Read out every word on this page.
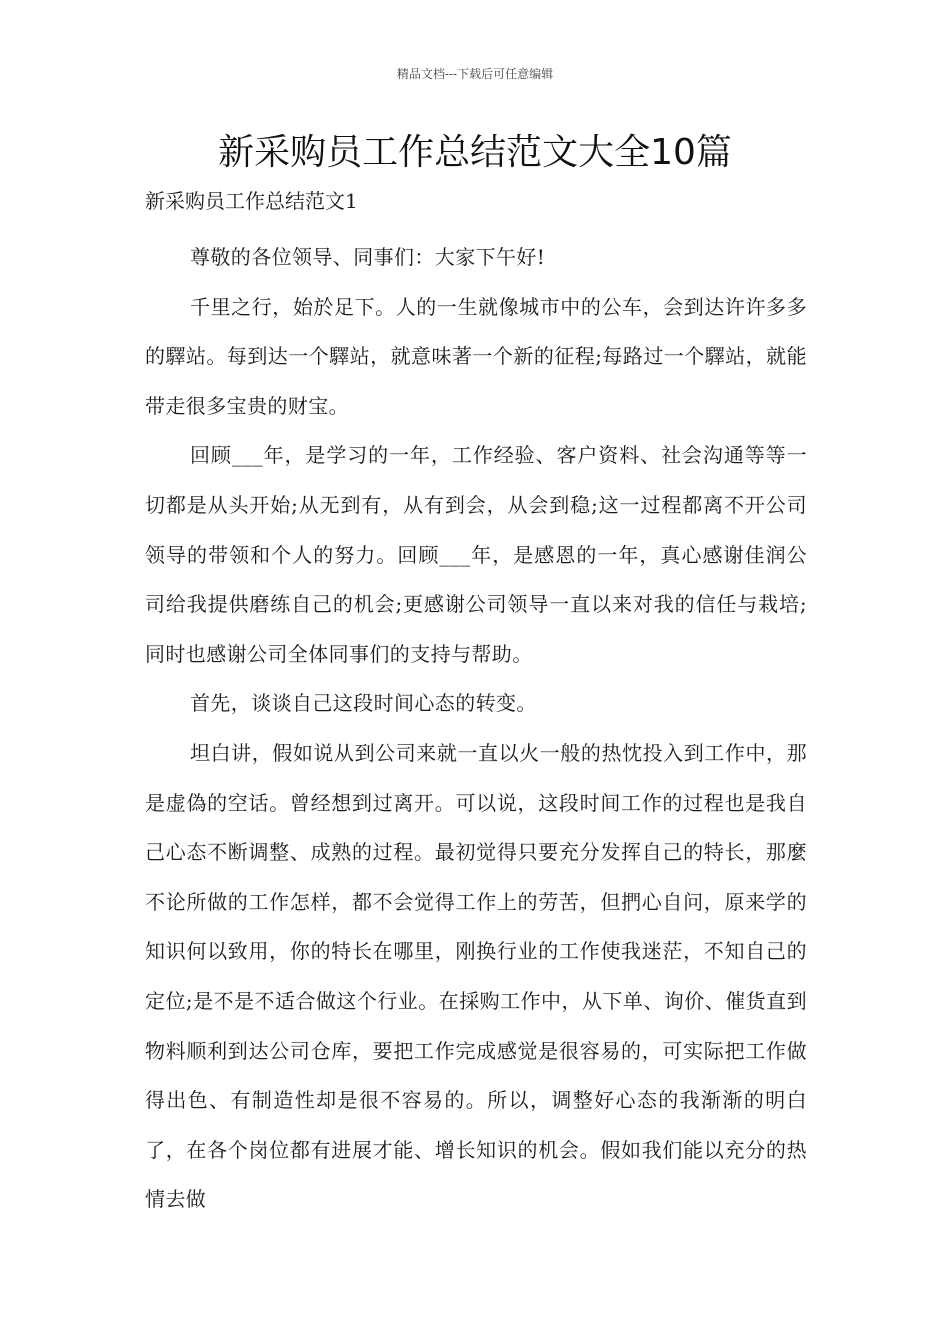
精品文档---下载后可任意编辑
新采购员工作总结范文大全10篇
新采购员工作总结范文1

尊敬的各位领导、同事们：大家下午好!

千里之行，始於足下。人的一生就像城市中的公车，会到达许许多多的驛站。每到达一个驛站，就意味著一个新的征程;每路过一个驛站，就能带走很多宝贵的财宝。

回顾___年，是学习的一年，工作经验、客户资料、社会沟通等等一切都是从头开始;从无到有，从有到会，从会到稳;这一过程都离不开公司领导的带领和个人的努力。回顾___年，是感恩的一年，真心感谢佳润公司给我提供磨练自己的机会;更感谢公司领导一直以来对我的信任与栽培;同时也感谢公司全体同事们的支持与帮助。

首先，谈谈自己这段时间心态的转变。

坦白讲，假如说从到公司来就一直以火一般的热忱投入到工作中，那是虚偽的空话。曾经想到过离开。可以说，这段时间工作的过程也是我自己心态不断调整、成熟的过程。最初觉得只要充分发挥自己的特长，那麼不论所做的工作怎样，都不会觉得工作上的劳苦，但捫心自问，原来学的知识何以致用，你的特长在哪里，刚换行业的工作使我迷茫，不知自己的定位;是不是不适合做这个行业。在採购工作中，从下单、询价、催货直到物料顺利到达公司仓库，要把工作完成感觉是很容易的，可实际把工作做得出色、有制造性却是很不容易的。所以，调整好心态的我渐渐的明白了，在各个岗位都有进展才能、增长知识的机会。假如我们能以充分的热情去做
